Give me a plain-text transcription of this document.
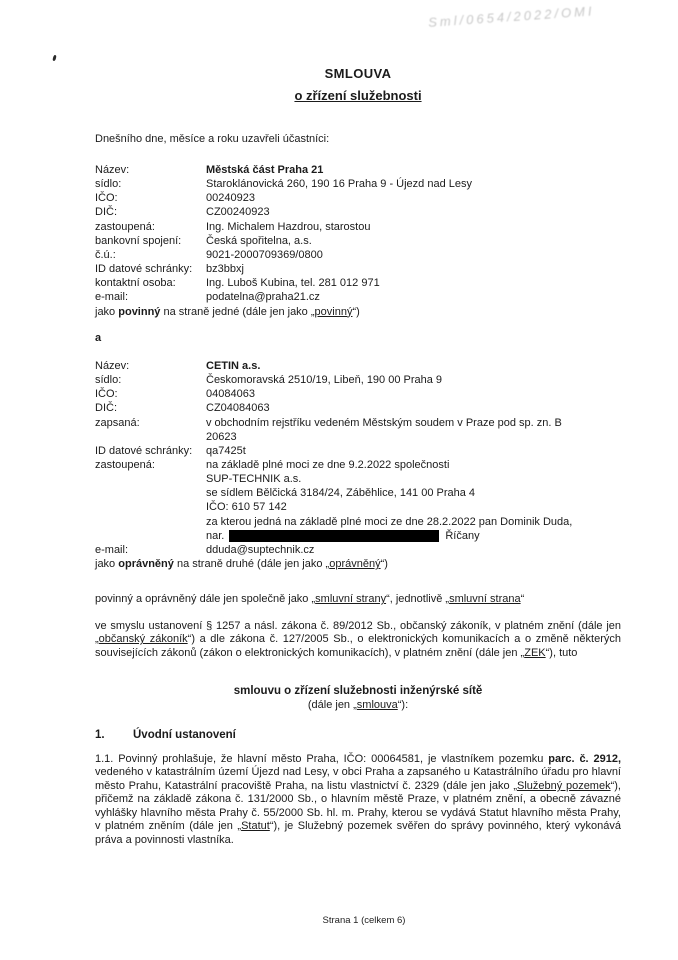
Sml/0654/2022/OMI
SMLOUVA
o zřízení služebnosti

Dnešního dne, měsíce a roku uzavřeli účastníci:

Název:	Městská část Praha 21
sídlo:	Staroklánovická 260, 190 16 Praha 9 - Újezd nad Lesy
IČO:	00240923
DIČ:	CZ00240923
zastoupená:	Ing. Michalem Hazdrou, starostou
bankovní spojení:	Česká spořitelna, a.s.
č.ú.:	9021-2000709369/0800
ID datové schránky:	bz3bbxj
kontaktní osoba:	Ing. Luboš Kubina, tel. 281 012 971
e-mail:	podatelna@praha21.cz
jako povinný na straně jedné (dále jen jako „povinný“)
a
Název:	CETIN a.s.
sídlo:	Českomoravská 2510/19, Libeň, 190 00 Praha 9
IČO:	04084063
DIČ:	CZ04084063
zapsaná:	v obchodním rejstříku vedeném Městským soudem v Praze pod sp. zn. B
20623
ID datové schránky:	qa7425t
zastoupená:	na základě plné moci ze dne 9.2.2022 společnosti
SUP-TECHNIK a.s.
se sídlem Bělčická 3184/24, Záběhlice, 141 00 Praha 4
IČO: 610 57 142
za kterou jedná na základě plné moci ze dne 28.2.2022 pan Dominik Duda,
nar.	Říčany
e-mail:	dduda@suptechnik.cz
jako oprávněný na straně druhé (dále jen jako „oprávněný“)
povinný a oprávněný dále jen společně jako „smluvní strany“, jednotlivě „smluvní strana“
ve smyslu ustanovení § 1257 a násl. zákona č. 89/2012 Sb., občanský zákoník, v platném znění (dále jen „občanský zákoník“) a dle zákona č. 127/2005 Sb., o elektronických komunikacích a o změně některých souvisejících zákonů (zákon o elektronických komunikacích), v platném znění (dále jen „ZEK“), tuto
smlouvu o zřízení služebnosti inženýrské sítě
(dále jen „smlouva“):
1.	Úvodní ustanovení
1.1. Povinný prohlašuje, že hlavní město Praha, IČO: 00064581, je vlastníkem pozemku parc. č. 2912, vedeného v katastrálním území Újezd nad Lesy, v obci Praha a zapsaného u Katastrálního úřadu pro hlavní město Prahu, Katastrální pracoviště Praha, na listu vlastnictví č. 2329 (dále jen jako „Služebný pozemek“), přičemž na základě zákona č. 131/2000 Sb., o hlavním městě Praze, v platném znění, a obecně závazné vyhlášky hlavního města Prahy č. 55/2000 Sb. hl. m. Prahy, kterou se vydává Statut hlavního města Prahy, v platném zněním (dále jen „Statut“), je Služebný pozemek svěřen do správy povinného, který vykonává práva a povinnosti vlastníka.
Strana 1 (celkem 6)
